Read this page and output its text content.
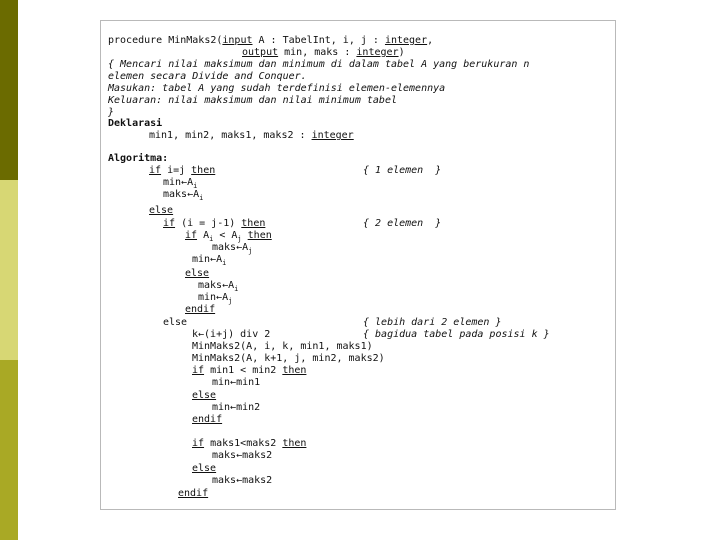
procedure MinMaks2(input A : TabelInt, i, j : integer,
output min, maks : integer)
{ Mencari nilai maksimum dan minimum di dalam tabel A yang berukuran n
elemen secara Divide and Conquer.
Masukan: tabel A yang sudah terdefinisi elemen-elemennya
Keluaran: nilai maksimum dan nilai minimum tabel
}
Deklarasi
min1, min2, maks1, maks2 : integer
Algoritma:
if i=j then	{ 1 elemen  }
$\min\leftarrow A_i$
$maks\leftarrow A_i$
else
if (i = j-1) then	{ 2 elemen  }
if $A_i < A_j$ then
$maks\leftarrow A_j$
$\min\leftarrow A_i$
else
$maks\leftarrow A_i$
$\min\leftarrow A_j$
endif
else	{ lebih dari 2 elemen }
k←(i+j) div 2	{ bagidua tabel pada posisi k }
MinMaks2(A, i, k, min1, maks1)
MinMaks2(A, k+1, j, min2, maks2)
if min1 < min2 then
min←min1
else
min←min2
endif
if maks1<maks2 then
maks←maks2
else
maks←maks2
endif
